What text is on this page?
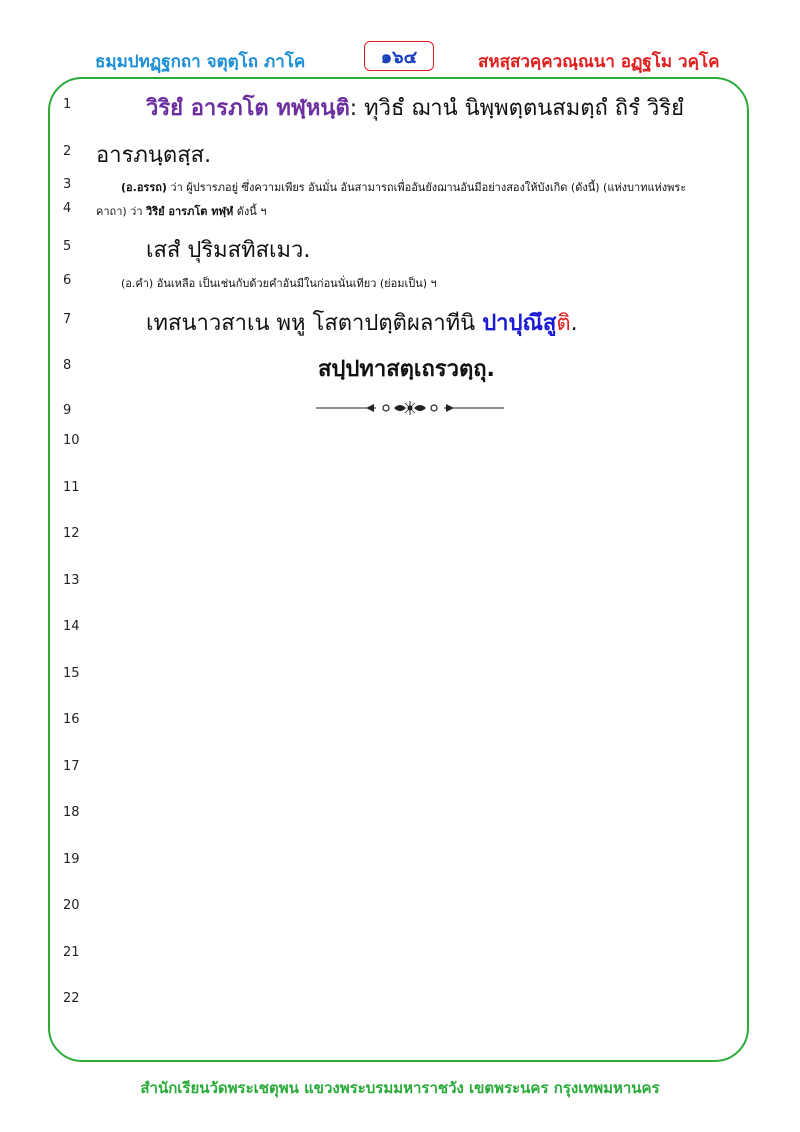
ธมฺมปทฏฺฐกถา จตุตฺโถ ภาโค	๑๖๔	สหสฺสวคฺควณฺณนา อฏฺฐโม วคฺโค
1
2
3
4
5
6
7
8
9
10
11
12
13
14
15
16
17
18
19
20
21
22
วิริยํ อารภโต ทฬฺหนฺติ: ทุวิธํ ฌานํ นิพฺพตฺตนสมตฺถํ ถิรํ วิริยํ
อารภนฺตสฺส.
(อ.อรรถ) ว่า ผู้ปรารภอยู่ ซึ่งความเพียร อันมั่น อันสามารถเพื่ออันยังฌานอันมีอย่างสองให้บังเกิด (ดังนี้) (แห่งบาทแห่งพระ
คาถา) ว่า วิริยํ อารภโต ทฬฺหํ ดังนี้ ฯ
เสสํ ปุริมสทิสเมว.
(อ.คำ) อันเหลือ เป็นเช่นกับด้วยคำอันมีในก่อนนั่นเทียว (ย่อมเป็น) ฯ
เทสนาวสาเน พหู โสตาปตฺติผลาทีนิ ปาปุณึสูติ.
สปฺปทาสตฺเถรวตฺถุ.
สำนักเรียนวัดพระเชตุพน แขวงพระบรมมหาราชวัง เขตพระนคร กรุงเทพมหานคร
